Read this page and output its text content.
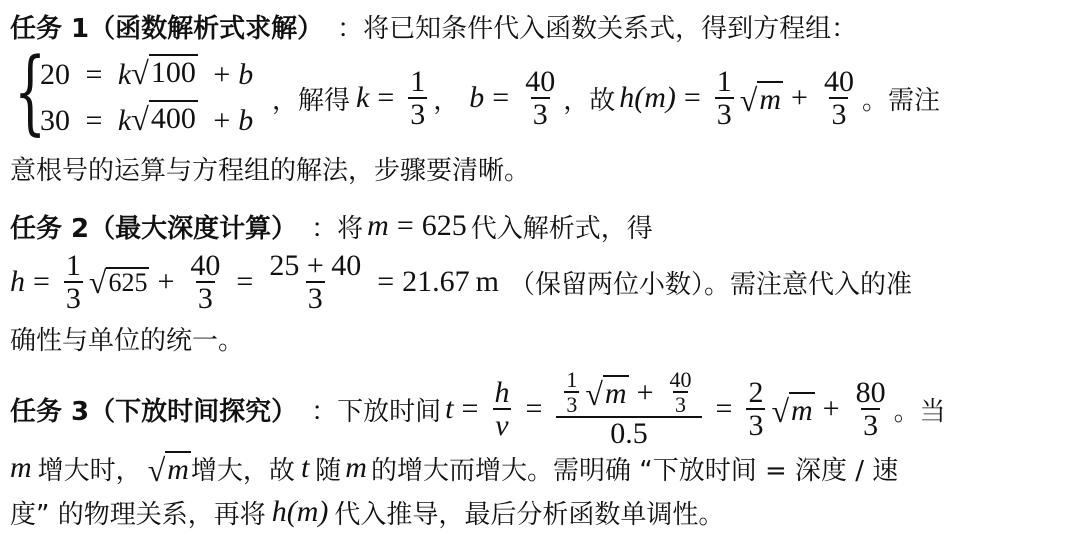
任务 1（函数解析式求解） ：将已知条件代入函数关系式，得到方程组：
{
20 = k √ 100 + b
30 = k √ 400 + b
，解得 $k = \frac{1}{3}$ ， $b = \frac{40}{3}$ ，故 $h(m) = \frac{1}{3}$ √ $m + \frac{40}{3}$ 。需注
意根号的运算与方程组的解法，步骤要清晰。
任务 2（最大深度计算） ：将 m = 625 代入解析式，得
$h = \frac{1}{3}$ √ $625 + \frac{40}{3} = \frac{25 + 40}{3} = 21.67$ m （保留两位小数）。需注意代入的准
确性与单位的统一。
任务 3（下放时间探究） ：下放时间 $t = \frac{h}{v} = \frac{\frac{1}{3} √ m + \frac{40}{3}}{0.5} = \frac{2}{3}$ √ $m + \frac{80}{3}$ 。当
m 增大时， √ m 增大，故 t 随 m 的增大而增大。需明确 “下放时间 = 深度 / 速
度” 的物理关系，再将 h(m) 代入推导，最后分析函数单调性。
